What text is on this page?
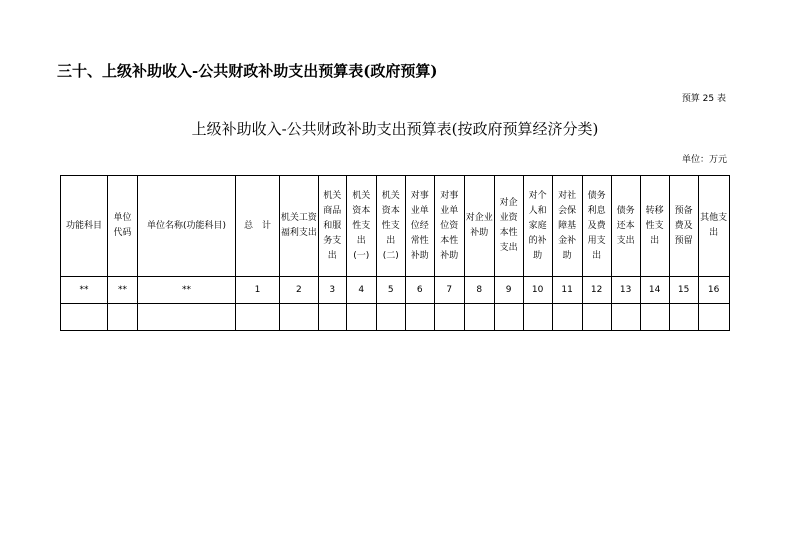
三十、上级补助收入-公共财政补助支出预算表(政府预算)
预算 25 表
上级补助收入-公共财政补助支出预算表(按政府预算经济分类)
单位：万元
功能科目	单位代码	单位名称(功能科目)	总　计	机关工资福利支出	机关商品和服务支出	机关资本性支出(一)	机关资本性支出(二)	对事业单位经常性补助	对事业单位资本性补助	对企业补助	对企业资本性支出	对个人和家庭的补助	对社会保障基金补助	债务利息及费用支出	债务还本支出	转移性支出	预备费及预留	其他支出
**	**	**	1	2	3	4	5	6	7	8	9	10	11	12	13	14	15	16
